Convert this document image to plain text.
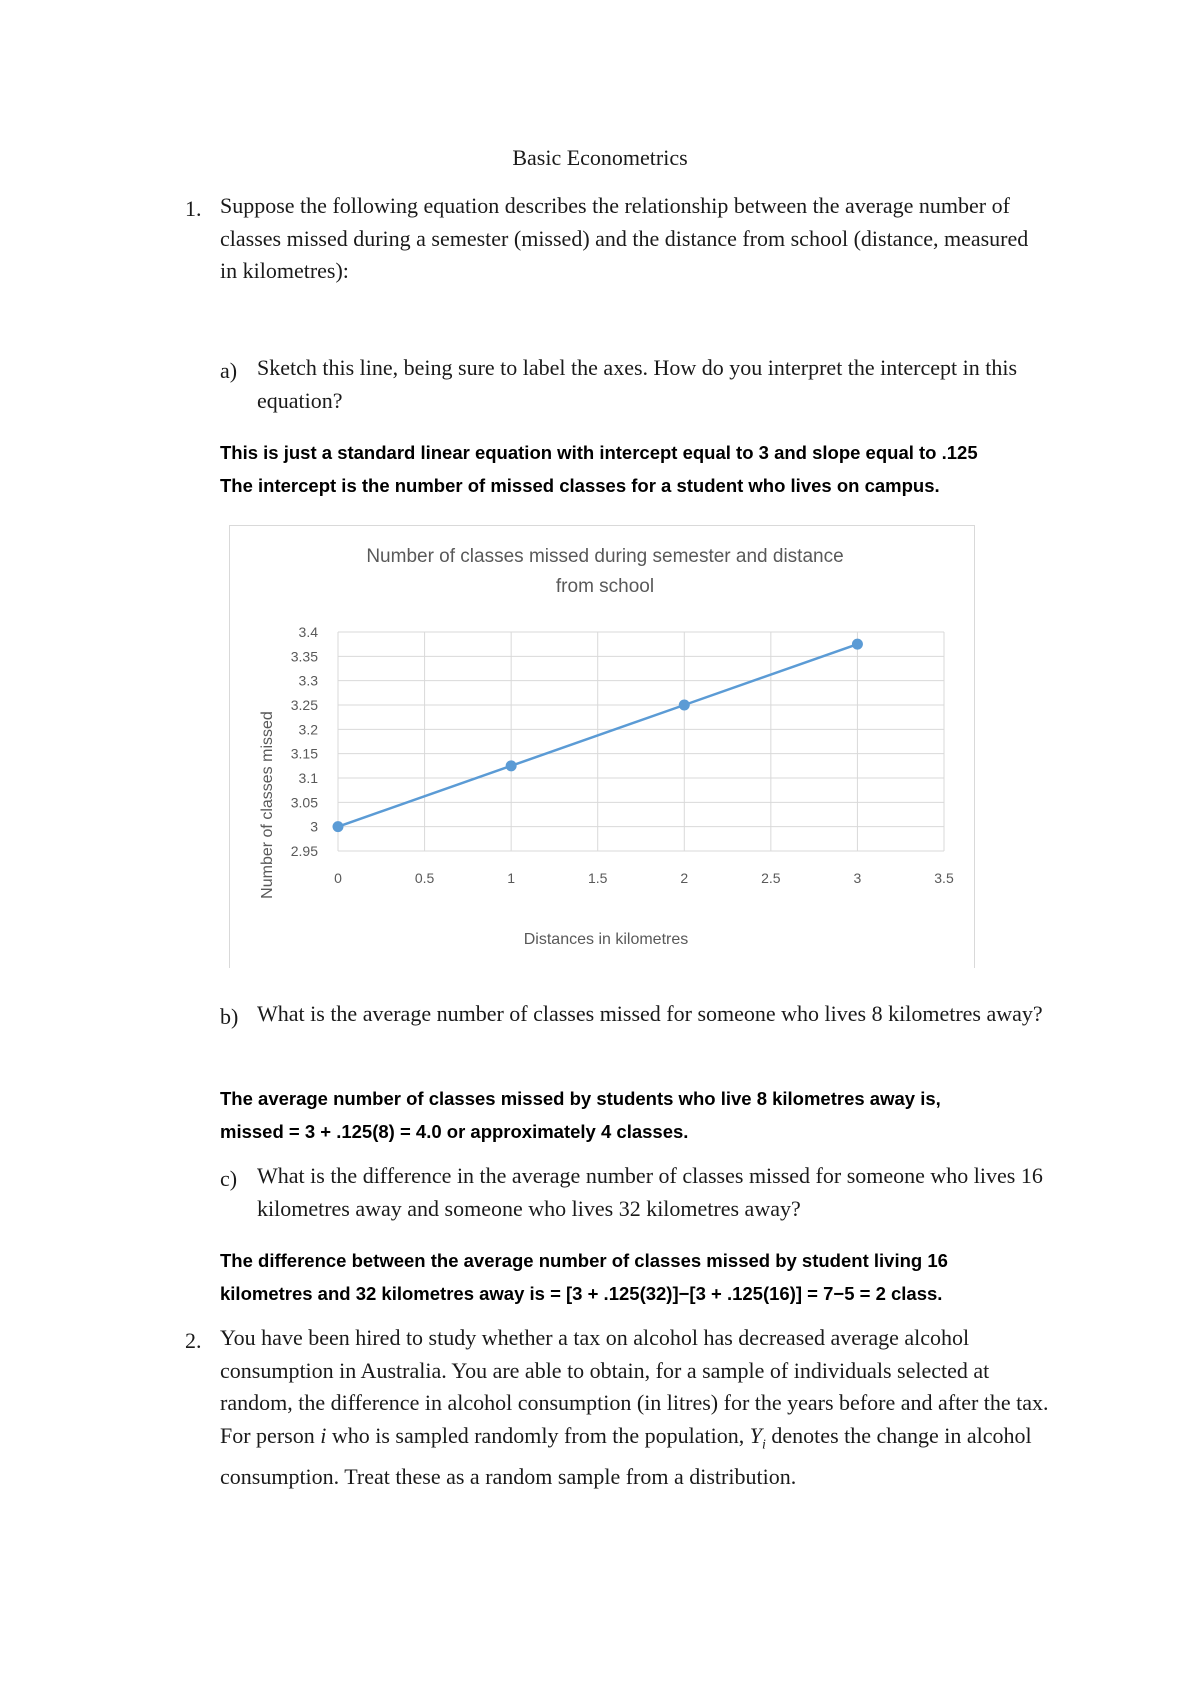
Basic Econometrics
1. Suppose the following equation describes the relationship between the average number of classes missed during a semester (missed) and the distance from school (distance, measured in kilometres):
a) Sketch this line, being sure to label the axes. How do you interpret the intercept in this equation?
This is just a standard linear equation with intercept equal to 3 and slope equal to .125
The intercept is the number of missed classes for a student who lives on campus.
Number of classes missed during semester and distance
from school
2.95
3
3.05
3.1
3.15
3.2
3.25
3.3
3.35
3.4
0	0.5	1	1.5	2	2.5	3	3.5
Distances in kilometres
Number of classes missed
b) What is the average number of classes missed for someone who lives 8 kilometres away?
The average number of classes missed by students who live 8 kilometres away is,
missed = 3 + .125(8) = 4.0 or approximately 4 classes.
c) What is the difference in the average number of classes missed for someone who lives 16 kilometres away and someone who lives 32 kilometres away?
The difference between the average number of classes missed by student living 16
kilometres and 32 kilometres away is = [3 + .125(32)]−[3 + .125(16)] = 7−5 = 2 class.
2. You have been hired to study whether a tax on alcohol has decreased average alcohol consumption in Australia. You are able to obtain, for a sample of individuals selected at random, the difference in alcohol consumption (in litres) for the years before and after the tax. For person i who is sampled randomly from the population, $Y_i$ denotes the change in alcohol consumption. Treat these as a random sample from a distribution.
